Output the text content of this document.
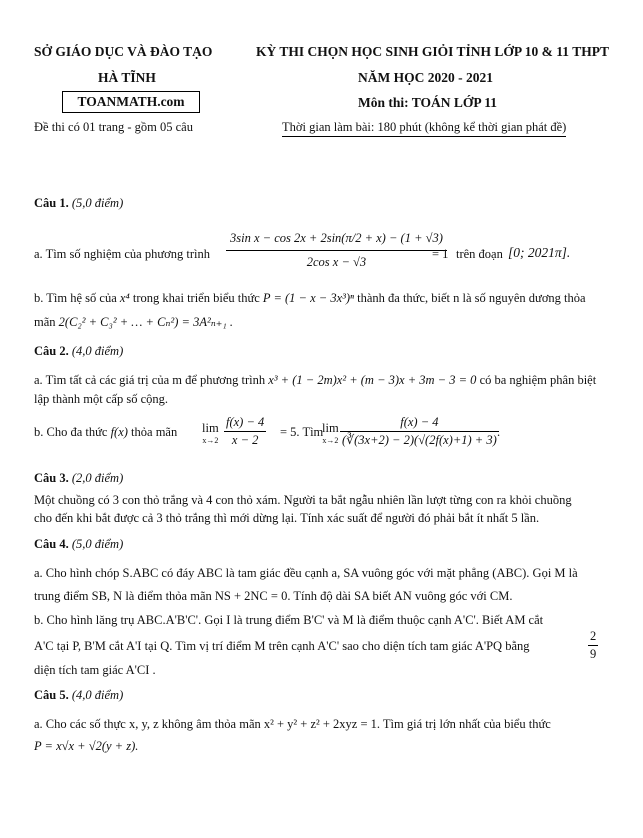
SỞ GIÁO DỤC VÀ ĐÀO TẠO
HÀ TĨNH
TOANMATH.com
Đề thi có 01 trang - gồm 05 câu
KỲ THI CHỌN HỌC SINH GIỎI TỈNH LỚP 10 & 11 THPT
NĂM HỌC 2020 - 2021
Môn thi: TOÁN LỚP 11
Thời gian làm bài: 180 phút (không kể thời gian phát đề)
Câu 1. (5,0 điểm)
a. Tìm số nghiệm của phương trình $\frac{\text{3sin x − cos 2x + 2sin(π/2 + x) − (1 + √3)}}{\text{2cos x − √3}}$
= 1 trên đoạn [0; 2021π].
b. Tìm hệ số của x⁴ trong khai triển biểu thức P = (1 − x − 3x³)ⁿ thành đa thức, biết n là số nguyên dương thỏa
mãn 2(C₂² + C₃² + … + Cₙ²) = 3A²ₙ₊₁ .
Câu 2. (4,0 điểm)
a. Tìm tất cả các giá trị của m để phương trình x³ + (1 − 2m)x² + (m − 3)x + 3m − 3 = 0 có ba nghiệm phân biệt
lập thành một cấp số cộng.
b. Cho đa thức f(x) thỏa mãn lim
$x\to 2 \frac{f(x) - 4}{x - 2} = 5$. Tìm
lim
$x\to 2 \frac{f(x) - 4}{(∛(3x+2) - 2)(√(2f(x)+1) + 3)}$
.
Câu 3. (2,0 điểm)
Một chuồng có 3 con thỏ trắng và 4 con thỏ xám. Người ta bắt ngẫu nhiên lần lượt từng con ra khỏi chuồng
cho đến khi bắt được cả 3 thỏ trắng thì mới dừng lại. Tính xác suất để người đó phải bắt ít nhất 5 lần.
Câu 4. (5,0 điểm)
a. Cho hình chóp S.ABC có đáy ABC là tam giác đều cạnh a, SA vuông góc với mặt phẳng (ABC). Gọi M là
trung điểm SB, N là điểm thỏa mãn NS + 2NC = 0. Tính độ dài SA biết AN vuông góc với CM.
b. Cho hình lăng trụ ABC.A'B'C'. Gọi I là trung điểm B'C' và M là điểm thuộc cạnh A'C'. Biết AM cắt
A'C tại P, B'M cắt A'I tại Q. Tìm vị trí điểm M trên cạnh A'C' sao cho diện tích tam giác A'PQ bằng	$\frac{2}{9}$
diện tích tam giác A'CI .
Câu 5. (4,0 điểm)
a. Cho các số thực x, y, z không âm thỏa mãn x² + y² + z² + 2xyz = 1. Tìm giá trị lớn nhất của biểu thức
P = x√x + √2(y + z).
